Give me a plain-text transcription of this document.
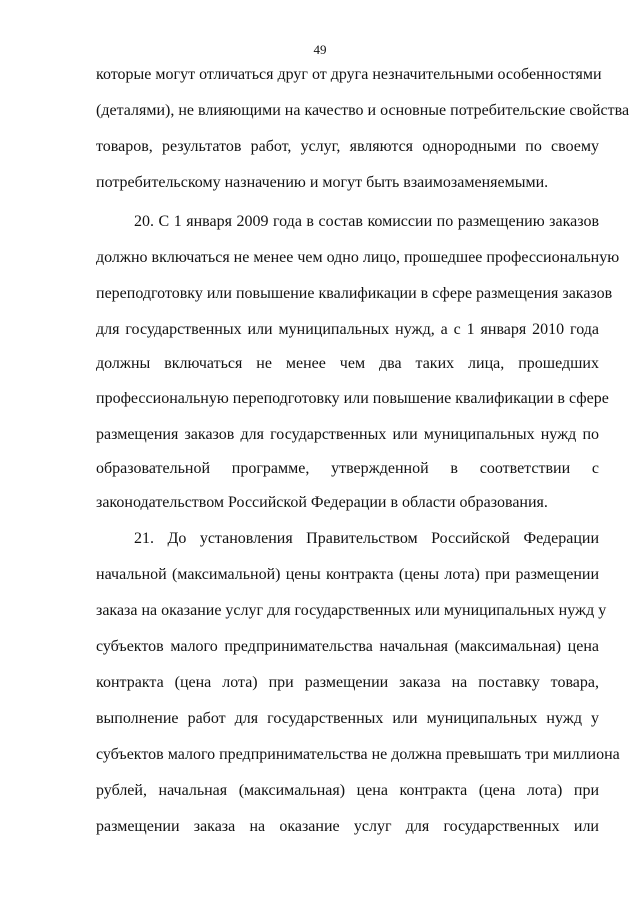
49
которые могут отличаться друг от друга незначительными особенностями
(деталями), не влияющими на качество и основные потребительские свойства
товаров, результатов работ, услуг, являются однородными по своему
потребительскому назначению и могут быть взаимозаменяемыми.
20. С 1 января 2009 года в состав комиссии по размещению заказов
должно включаться не менее чем одно лицо, прошедшее профессиональную
переподготовку или повышение квалификации в сфере размещения заказов
для государственных или муниципальных нужд, а с 1 января 2010 года
должны включаться не менее чем два таких лица, прошедших
профессиональную переподготовку или повышение квалификации в сфере
размещения заказов для государственных или муниципальных нужд по
образовательной программе, утвержденной в соответствии с
законодательством Российской Федерации в области образования.
21. До установления Правительством Российской Федерации
начальной (максимальной) цены контракта (цены лота) при размещении
заказа на оказание услуг для государственных или муниципальных нужд у
субъектов малого предпринимательства начальная (максимальная) цена
контракта (цена лота) при размещении заказа на поставку товара,
выполнение работ для государственных или муниципальных нужд у
субъектов малого предпринимательства не должна превышать три миллиона
рублей, начальная (максимальная) цена контракта (цена лота) при
размещении заказа на оказание услуг для государственных или
